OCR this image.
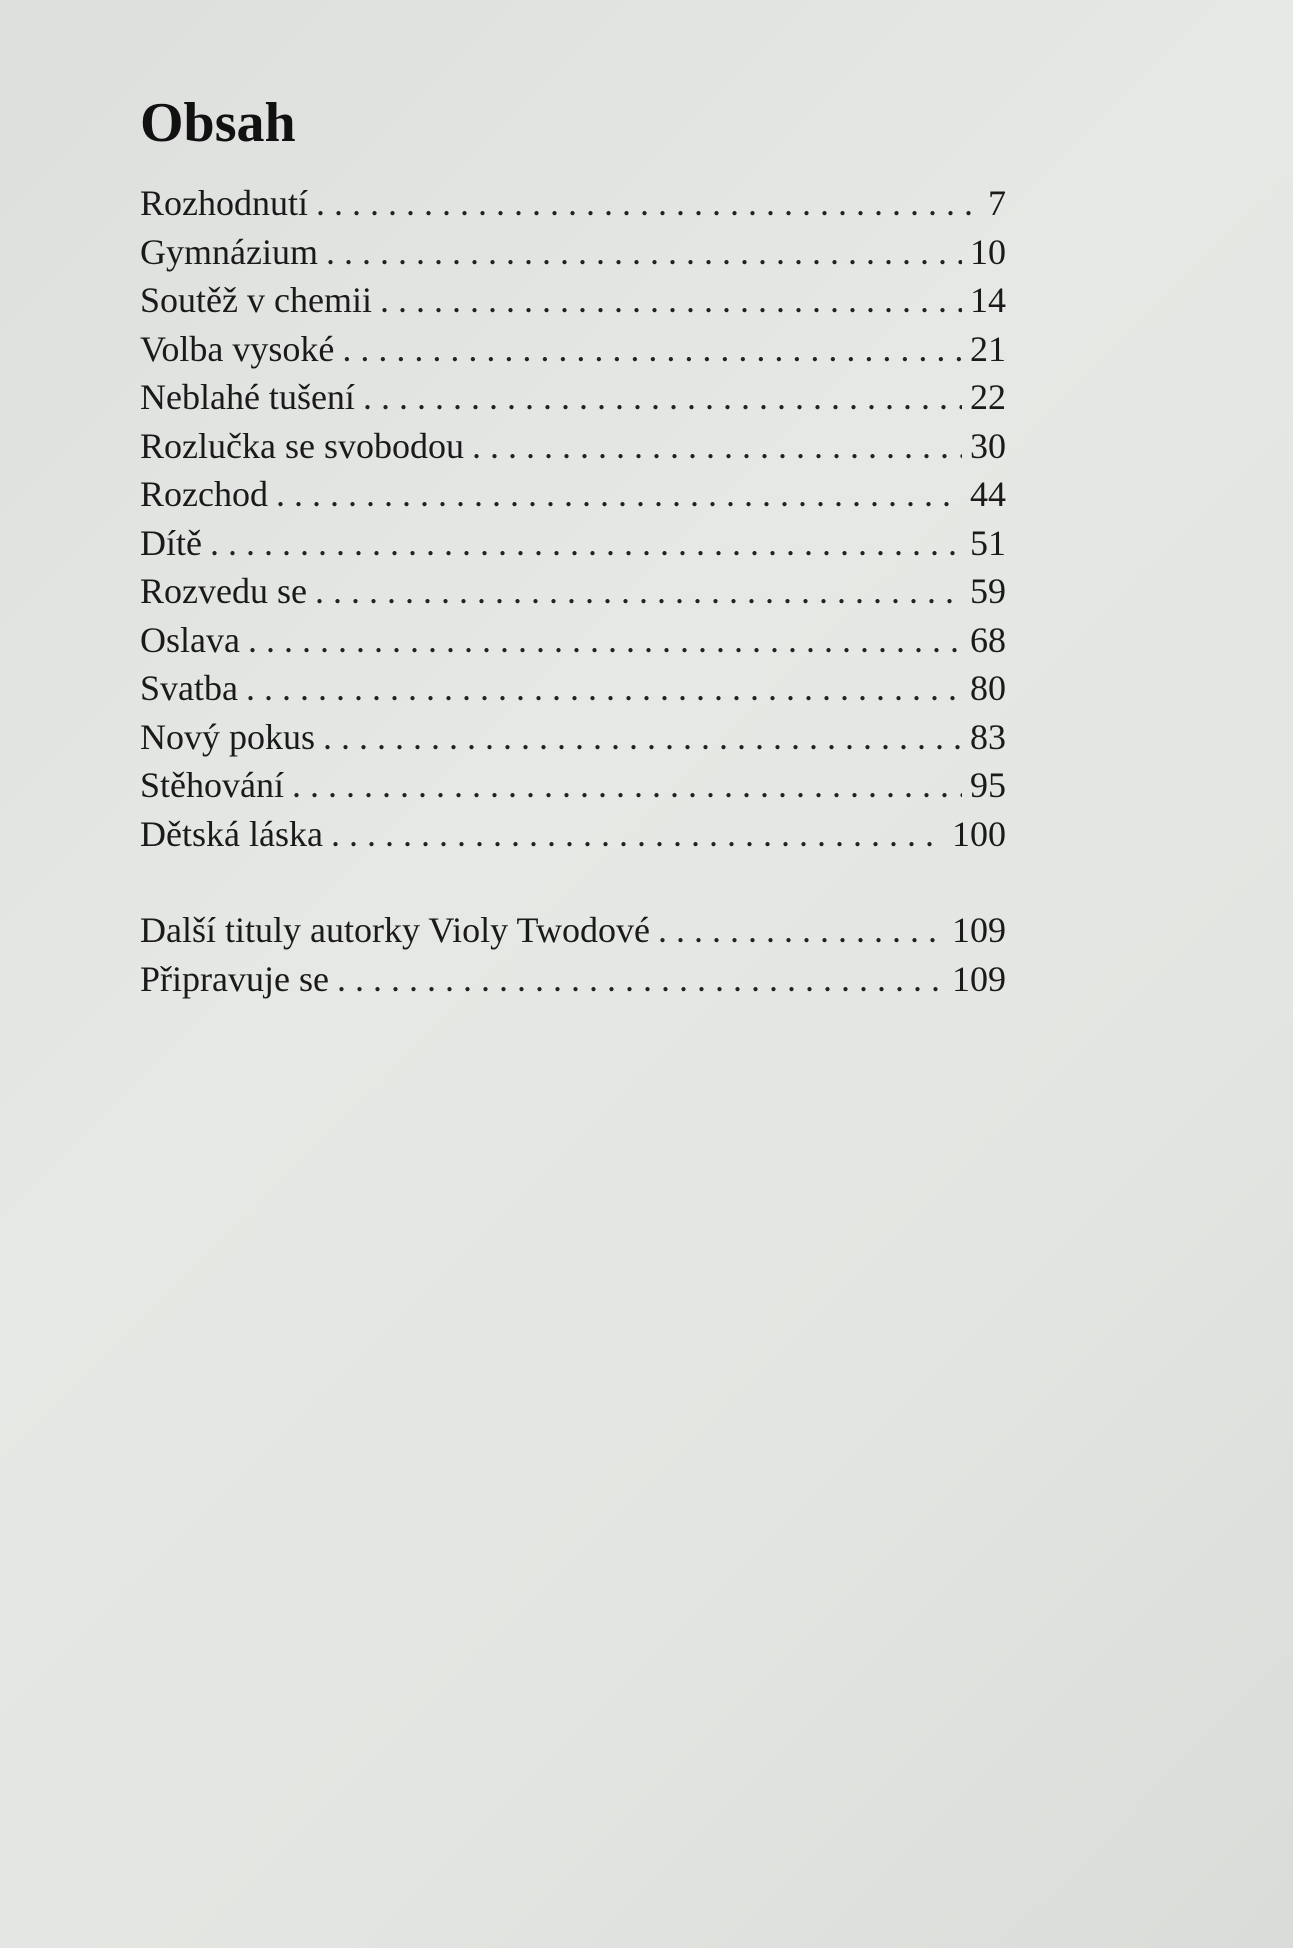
Obsah
Rozhodnutí . . .	7
Gymnázium . . .	10
Soutěž v chemii . . .	14
Volba vysoké . . .	21
Neblahé tušení . . .	22
Rozlučka se svobodou . . .	30
Rozchod . . .	44
Dítě . . .	51
Rozvedu se . . .	59
Oslava . . .	68
Svatba . . .	80
Nový pokus . . .	83
Stěhování . . .	95
Dětská láska . . .	100
Další tituly autorky Violy Twodové . . .	109
Připravuje se . . .	109
